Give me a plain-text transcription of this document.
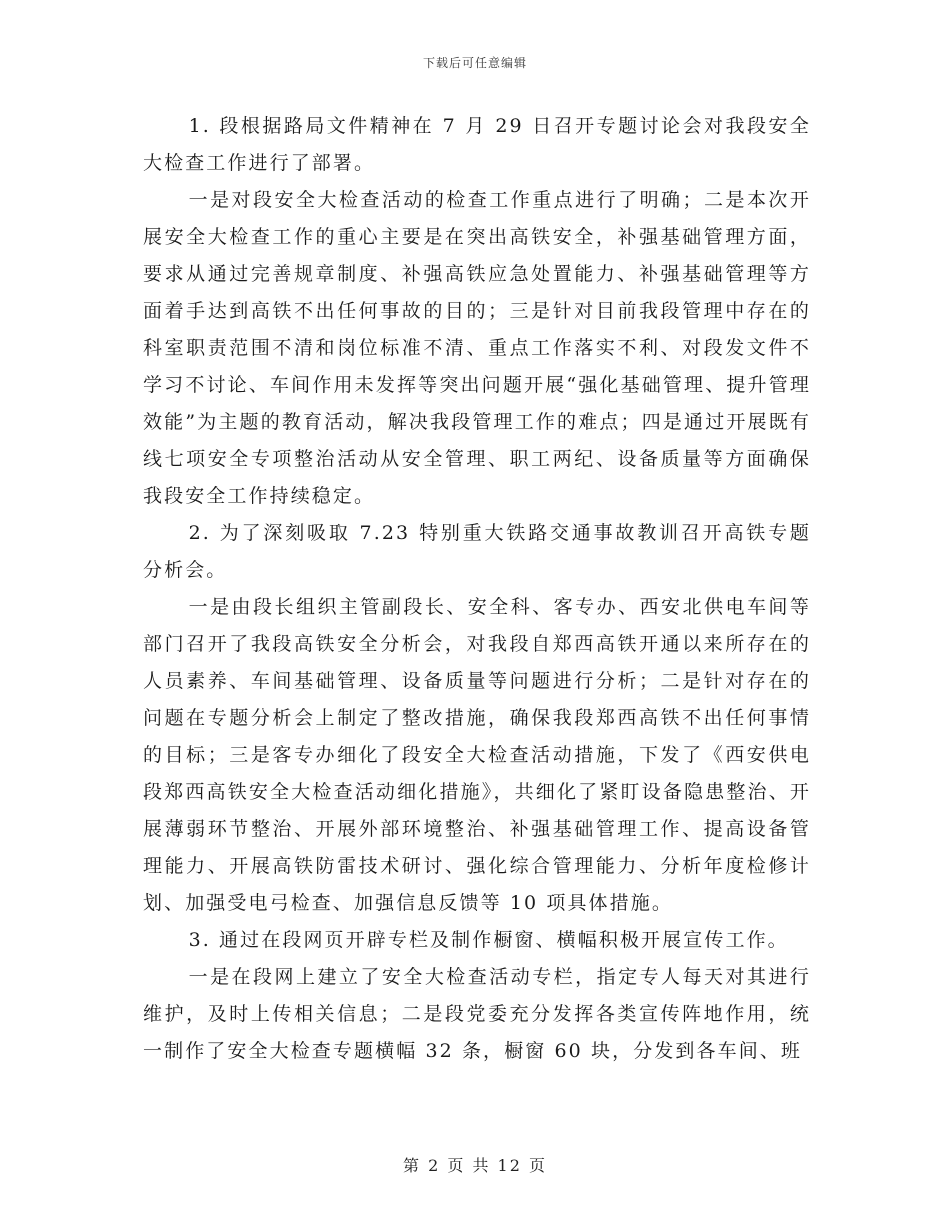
下载后可任意编辑

1. 段根据路局文件精神在 7 月 29 日召开专题讨论会对我段安全大检查工作进行了部署。

一是对段安全大检查活动的检查工作重点进行了明确；二是本次开展安全大检查工作的重心主要是在突出高铁安全，补强基础管理方面，要求从通过完善规章制度、补强高铁应急处置能力、补强基础管理等方面着手达到高铁不出任何事故的目的；三是针对目前我段管理中存在的科室职责范围不清和岗位标准不清、重点工作落实不利、对段发文件不学习不讨论、车间作用未发挥等突出问题开展“强化基础管理、提升管理效能”为主题的教育活动，解决我段管理工作的难点；四是通过开展既有线七项安全专项整治活动从安全管理、职工两纪、设备质量等方面确保我段安全工作持续稳定。

2. 为了深刻吸取 7.23 特别重大铁路交通事故教训召开高铁专题分析会。

一是由段长组织主管副段长、安全科、客专办、西安北供电车间等部门召开了我段高铁安全分析会，对我段自郑西高铁开通以来所存在的人员素养、车间基础管理、设备质量等问题进行分析；二是针对存在的问题在专题分析会上制定了整改措施，确保我段郑西高铁不出任何事情的目标；三是客专办细化了段安全大检查活动措施，下发了《西安供电段郑西高铁安全大检查活动细化措施》，共细化了紧盯设备隐患整治、开展薄弱环节整治、开展外部环境整治、补强基础管理工作、提高设备管理能力、开展高铁防雷技术研讨、强化综合管理能力、分析年度检修计划、加强受电弓检查、加强信息反馈等 10 项具体措施。

3. 通过在段网页开辟专栏及制作橱窗、横幅积极开展宣传工作。

一是在段网上建立了安全大检查活动专栏，指定专人每天对其进行维护，及时上传相关信息；二是段党委充分发挥各类宣传阵地作用，统一制作了安全大检查专题横幅 32 条，橱窗 60 块，分发到各车间、班

第 2 页 共 12 页
